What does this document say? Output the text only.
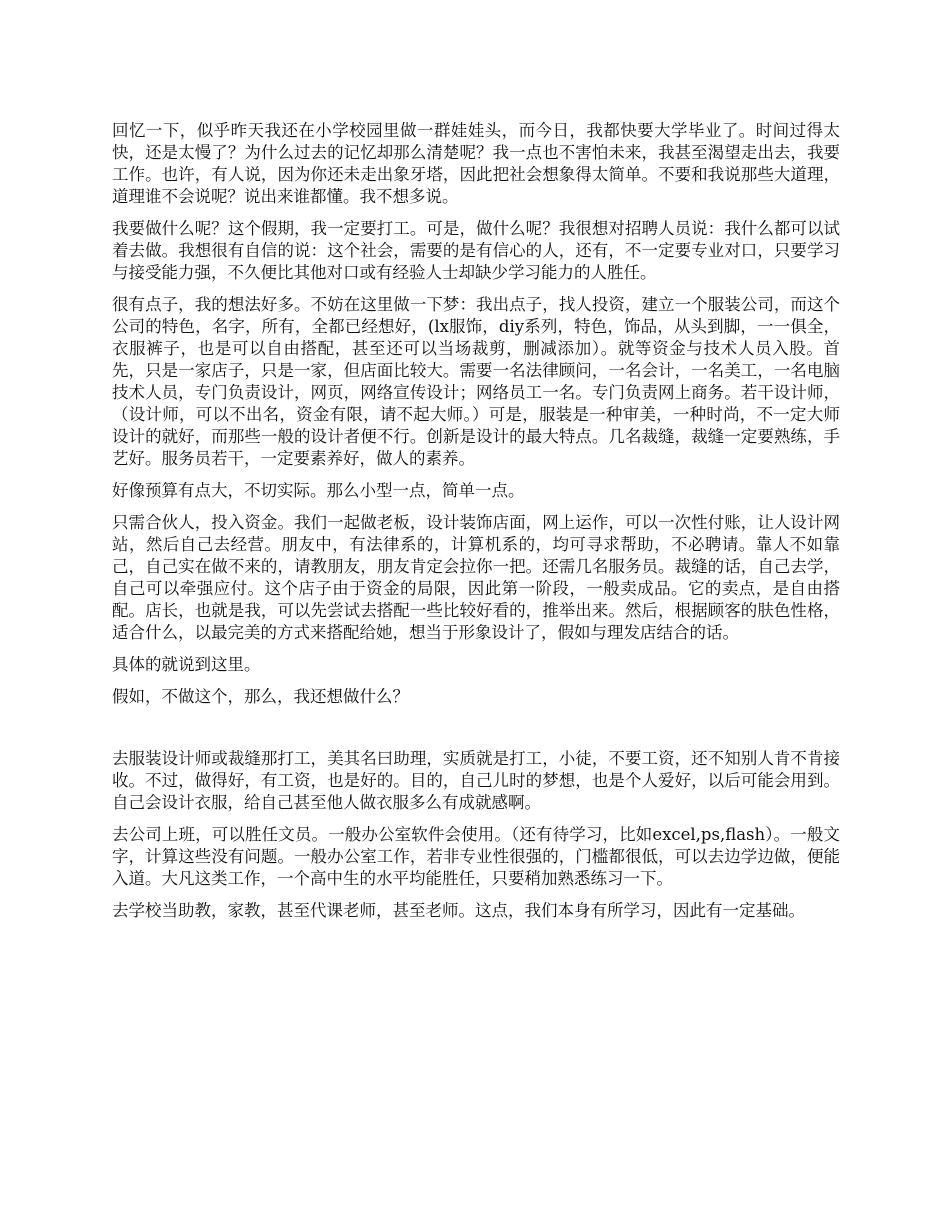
回忆一下，似乎昨天我还在小学校园里做一群娃娃头，而今日，我都快要大学毕业了。时间过得太快，还是太慢了？为什么过去的记忆却那么清楚呢？我一点也不害怕未来，我甚至渴望走出去，我要工作。也许，有人说，因为你还未走出象牙塔，因此把社会想象得太简单。不要和我说那些大道理，道理谁不会说呢？说出来谁都懂。我不想多说。

我要做什么呢？这个假期，我一定要打工。可是，做什么呢？我很想对招聘人员说：我什么都可以试着去做。我想很有自信的说：这个社会，需要的是有信心的人，还有，不一定要专业对口，只要学习与接受能力强，不久便比其他对口或有经验人士却缺少学习能力的人胜任。

很有点子，我的想法好多。不妨在这里做一下梦：我出点子，找人投资，建立一个服装公司，而这个公司的特色，名字，所有，全都已经想好，(lx服饰，diy系列，特色，饰品，从头到脚，一一俱全，衣服裤子，也是可以自由搭配，甚至还可以当场裁剪，删减添加）。就等资金与技术人员入股。首先，只是一家店子，只是一家，但店面比较大。需要一名法律顾问，一名会计，一名美工，一名电脑技术人员，专门负责设计，网页，网络宣传设计；网络员工一名。专门负责网上商务。若干设计师，（设计师，可以不出名，资金有限，请不起大师。）可是，服装是一种审美，一种时尚，不一定大师设计的就好，而那些一般的设计者便不行。创新是设计的最大特点。几名裁缝，裁缝一定要熟练，手艺好。服务员若干，一定要素养好，做人的素养。

好像预算有点大，不切实际。那么小型一点，简单一点。

只需合伙人，投入资金。我们一起做老板，设计装饰店面，网上运作，可以一次性付账，让人设计网站，然后自己去经营。朋友中，有法律系的，计算机系的，均可寻求帮助，不必聘请。靠人不如靠己，自己实在做不来的，请教朋友，朋友肯定会拉你一把。还需几名服务员。裁缝的话，自己去学，自己可以牵强应付。这个店子由于资金的局限，因此第一阶段，一般卖成品。它的卖点，是自由搭配。店长，也就是我，可以先尝试去搭配一些比较好看的，推举出来。然后，根据顾客的肤色性格，适合什么，以最完美的方式来搭配给她，想当于形象设计了，假如与理发店结合的话。

具体的就说到这里。

假如，不做这个，那么，我还想做什么？

去服装设计师或裁缝那打工，美其名曰助理，实质就是打工，小徒，不要工资，还不知别人肯不肯接收。不过，做得好，有工资，也是好的。目的，自己儿时的梦想，也是个人爱好，以后可能会用到。自己会设计衣服，给自己甚至他人做衣服多么有成就感啊。

去公司上班，可以胜任文员。一般办公室软件会使用。（还有待学习，比如excel,ps,flash）。一般文字，计算这些没有问题。一般办公室工作，若非专业性很强的，门槛都很低，可以去边学边做，便能入道。大凡这类工作，一个高中生的水平均能胜任，只要稍加熟悉练习一下。

去学校当助教，家教，甚至代课老师，甚至老师。这点，我们本身有所学习，因此有一定基础。
